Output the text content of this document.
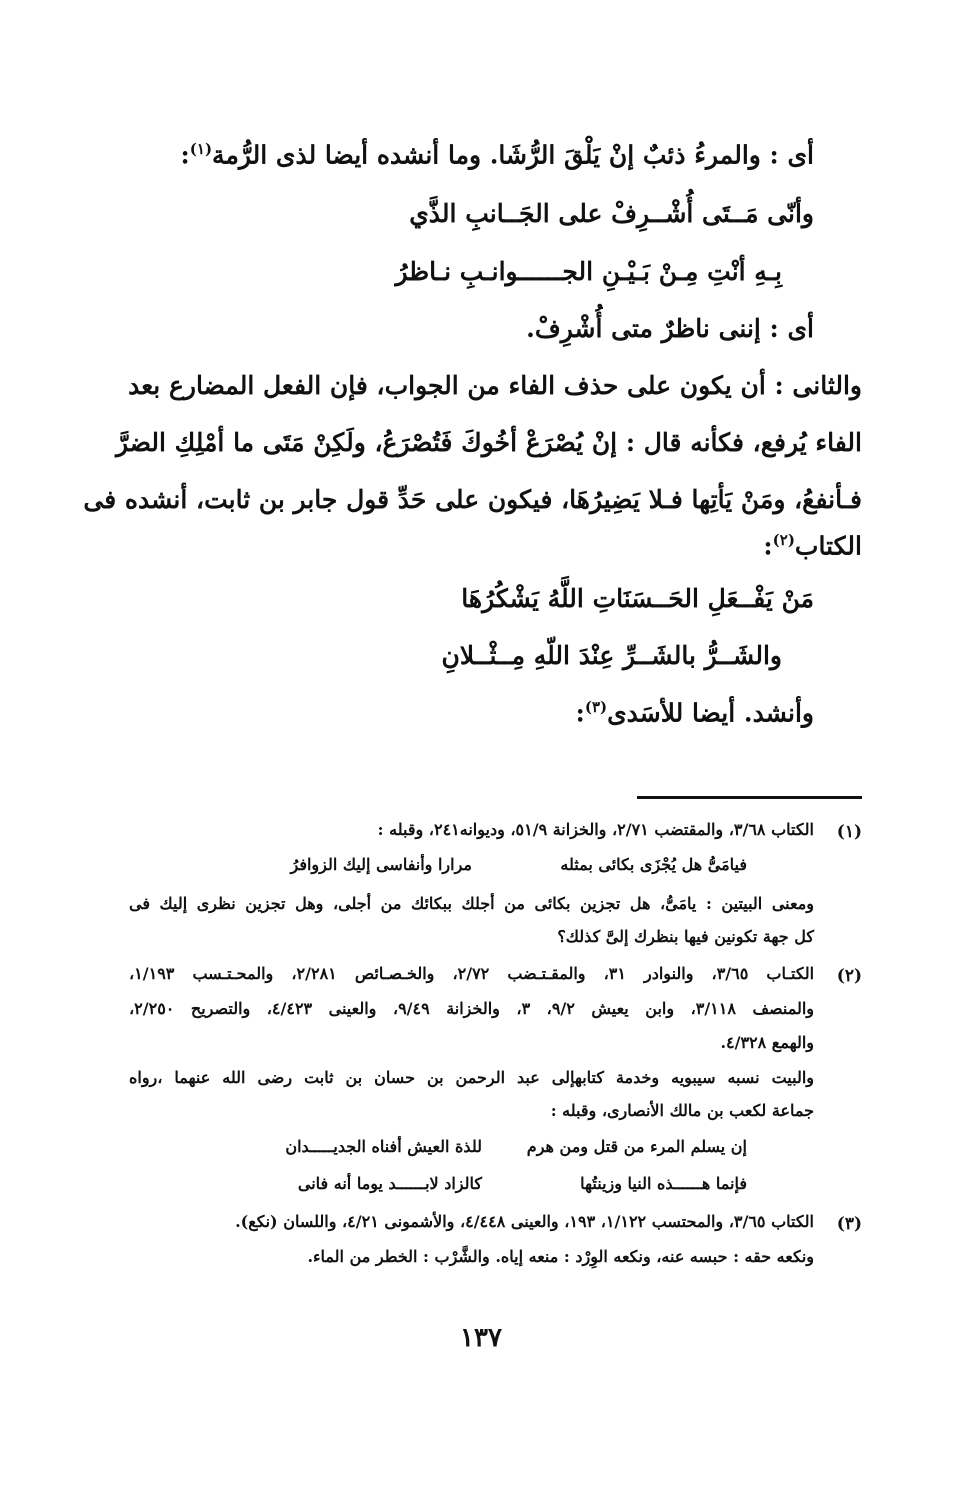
أى : والمرءُ ذئبٌ إنْ يَلْقَ الرُّشَا. وما أنشده أيضا لذى الرُّمة$^{(١)}$:
وأنّى مَــتَى أُشْــرِفْ على الجَــانبِ الذَّي
بِـهِ أنْتِ مِـنْ بَـيْـنِ الجــــــوانـبِ نـاظرُ
أى : إننى ناظرٌ متى أُشْرِفْ.
والثانى : أن يكون على حذف الفاء من الجواب، فإن الفعل المضارع بعد
الفاء يُرفع، فكأنه قال : إنْ يُصْرَعْ أخُوكَ فَتُصْرَعُ، ولَكِنْ مَتَى ما أمْلِكِ الضرَّ
فـأنفعُ، ومَنْ يَأتِها فـلا يَضِيرُهَا، فيكون على حَدِّ قول جابر بن ثابت، أنشده فى
الكتاب$^{(٢)}$:
مَنْ يَفْــعَلِ الحَــسَنَاتِ اللَّهُ يَشْكُرُهَا
والشَــرُّ بالشَــرِّ عِنْدَ اللّهِ مِــثْــلانِ
وأنشد. أيضا للأسَدى$^{(٣)}$:
(١)
الكتاب ٣/٦٨، والمقتضب ٢/٧١، والخزانة ٥١/٩، وديوانه٢٤١، وقبله :
فيامَىُّ هل يُجْزَى بكائى بمثله
مرارا وأنفاسى إليك الزوافرُ
ومعنى البيتين : يامَىُّ، هل تجزين بكائى من أجلك ببكائك من أجلى، وهل تجزين نظرى إليك فى
كل جهة تكونين فيها بنظرك إلىَّ كذلك؟
(٢)
الكتـاب ٣/٦٥، والنوادر ٣١، والمقـتـضب ٢/٧٢، والخـصـائص ٢/٢٨١، والمحـتـسب ١/١٩٣،
والمنصف ٣/١١٨، وابن يعيش ٩/٢، ٣، والخزانة ٩/٤٩، والعينى ٤/٤٢٣، والتصريح ٢/٢٥٠،
والهمع ٤/٣٢٨.
والبيت نسبه سيبويه وخدمة كتابهإلى عبد الرحمن بن حسان بن ثابت رضى الله عنهما ،رواه
جماعة لكعب بن مالك الأنصارى، وقبله :
إن يسلم المرء من قتل ومن هرم
للذة العيش أفناه الجديـــــدان
فإنما هــــــذه النيا وزينتُها
كالزاد لابــــــد يوما أنه فانى
(٣)
الكتاب ٣/٦٥، والمحتسب ١/١٢٢، ١٩٣، والعينى ٤/٤٤٨، والأشمونى ٤/٢١، واللسان (نكع).
ونكعه حقه : حبسه عنه، ونكعه الوِرْد : منعه إياه. والشَّرْب : الخطر من الماء.
١٣٧
